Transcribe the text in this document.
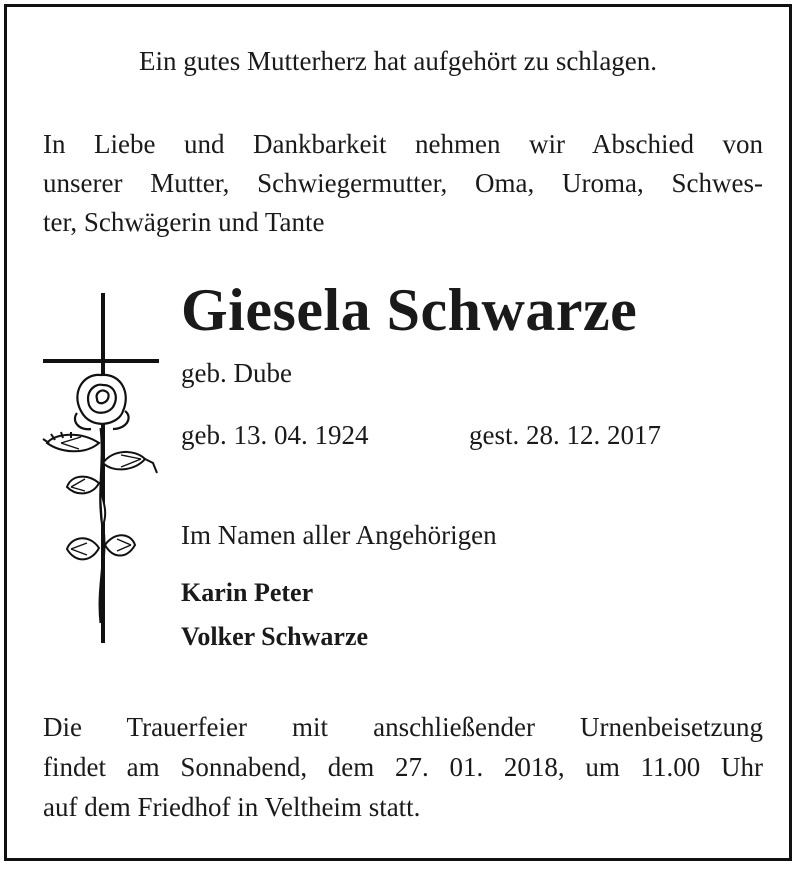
Ein gutes Mutterherz hat aufgehört zu schlagen.
In Liebe und Dankbarkeit nehmen wir Abschied von
unserer Mutter, Schwiegermutter, Oma, Uroma, Schwes-
ter, Schwägerin und Tante
Giesela Schwarze
geb. Dube
geb. 13. 04. 1924	gest. 28. 12. 2017
Im Namen aller Angehörigen
Karin Peter
Volker Schwarze
Die Trauerfeier mit anschließender Urnenbeisetzung
findet am Sonnabend, dem 27. 01. 2018, um 11.00 Uhr
auf dem Friedhof in Veltheim statt.
